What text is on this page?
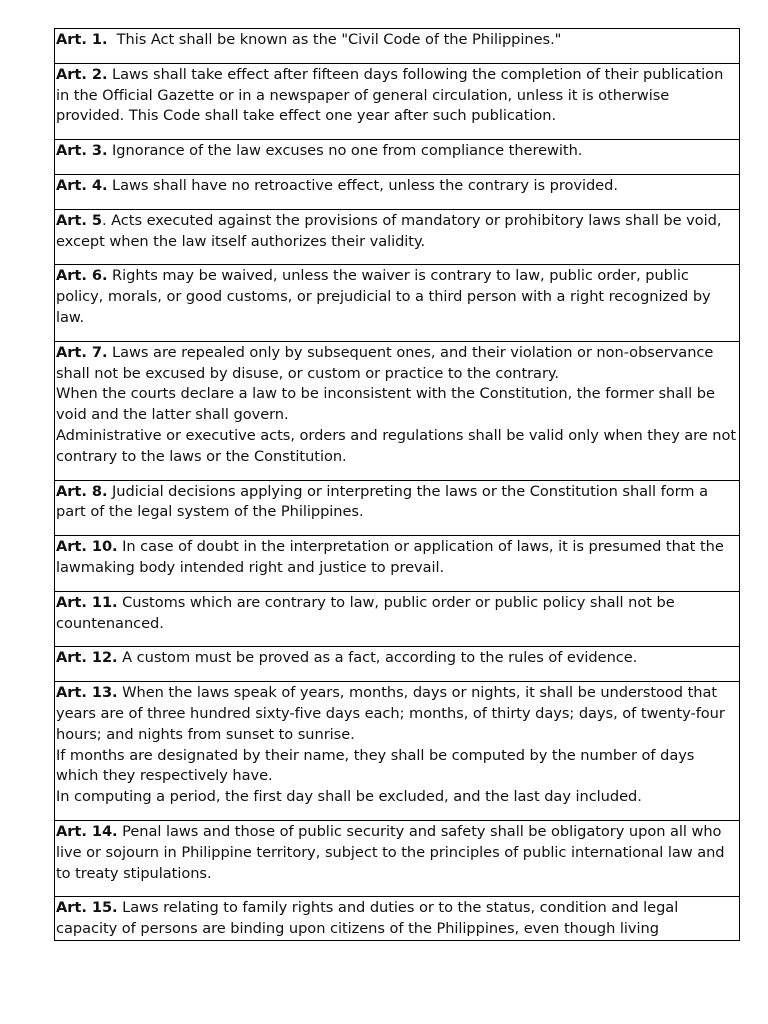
Art. 1. This Act shall be known as the "Civil Code of the Philippines."

Art. 2. Laws shall take effect after fifteen days following the completion of their publication in the Official Gazette or in a newspaper of general circulation, unless it is otherwise provided. This Code shall take effect one year after such publication.

Art. 3. Ignorance of the law excuses no one from compliance therewith.

Art. 4. Laws shall have no retroactive effect, unless the contrary is provided.

Art. 5. Acts executed against the provisions of mandatory or prohibitory laws shall be void, except when the law itself authorizes their validity.

Art. 6. Rights may be waived, unless the waiver is contrary to law, public order, public policy, morals, or good customs, or prejudicial to a third person with a right recognized by law.

Art. 7. Laws are repealed only by subsequent ones, and their violation or non-observance shall not be excused by disuse, or custom or practice to the contrary.
When the courts declare a law to be inconsistent with the Constitution, the former shall be void and the latter shall govern.
Administrative or executive acts, orders and regulations shall be valid only when they are not contrary to the laws or the Constitution.

Art. 8. Judicial decisions applying or interpreting the laws or the Constitution shall form a part of the legal system of the Philippines.

Art. 10. In case of doubt in the interpretation or application of laws, it is presumed that the lawmaking body intended right and justice to prevail.

Art. 11. Customs which are contrary to law, public order or public policy shall not be countenanced.

Art. 12. A custom must be proved as a fact, according to the rules of evidence.

Art. 13. When the laws speak of years, months, days or nights, it shall be understood that years are of three hundred sixty-five days each; months, of thirty days; days, of twenty-four hours; and nights from sunset to sunrise.
If months are designated by their name, they shall be computed by the number of days which they respectively have.
In computing a period, the first day shall be excluded, and the last day included.

Art. 14. Penal laws and those of public security and safety shall be obligatory upon all who live or sojourn in Philippine territory, subject to the principles of public international law and to treaty stipulations.

Art. 15. Laws relating to family rights and duties or to the status, condition and legal capacity of persons are binding upon citizens of the Philippines, even though living
